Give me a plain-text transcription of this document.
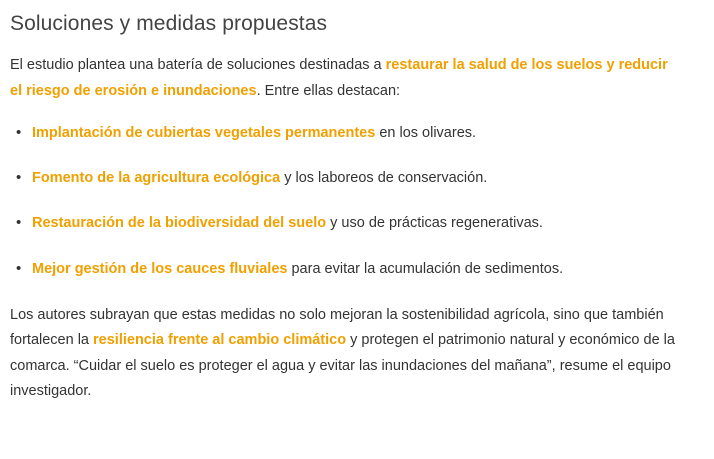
Soluciones y medidas propuestas

El estudio plantea una batería de soluciones destinadas a restaurar la salud de los suelos y reducir el riesgo de erosión e inundaciones. Entre ellas destacan:

• Implantación de cubiertas vegetales permanentes en los olivares.
• Fomento de la agricultura ecológica y los laboreos de conservación.
• Restauración de la biodiversidad del suelo y uso de prácticas regenerativas.
• Mejor gestión de los cauces fluviales para evitar la acumulación de sedimentos.

Los autores subrayan que estas medidas no solo mejoran la sostenibilidad agrícola, sino que también fortalecen la resiliencia frente al cambio climático y protegen el patrimonio natural y económico de la comarca. “Cuidar el suelo es proteger el agua y evitar las inundaciones del mañana”, resume el equipo investigador.
